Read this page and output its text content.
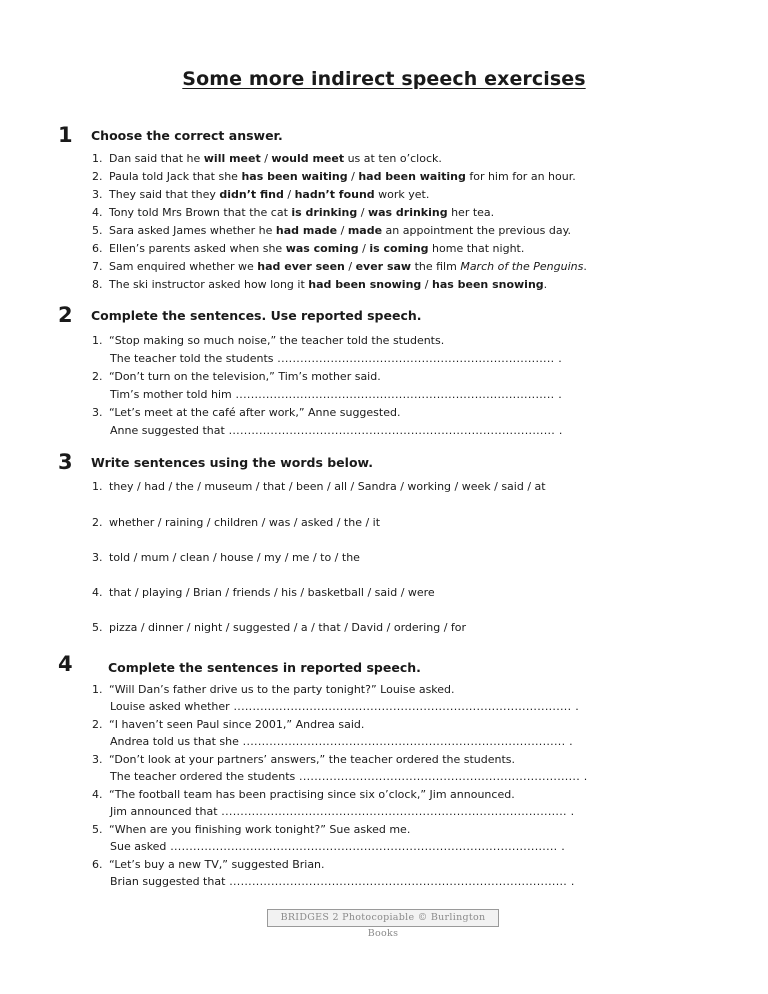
Some more indirect speech exercises
1 Choose the correct answer.
1. Dan said that he will meet / would meet us at ten o’clock.
2. Paula told Jack that she has been waiting / had been waiting for him for an hour.
3. They said that they didn’t find / hadn’t found work yet.
4. Tony told Mrs Brown that the cat is drinking / was drinking her tea.
5. Sara asked James whether he had made / made an appointment the previous day.
6. Ellen’s parents asked when she was coming / is coming home that night.
7. Sam enquired whether we had ever seen / ever saw the film March of the Penguins.
8. The ski instructor asked how long it had been snowing / has been snowing.
2 Complete the sentences. Use reported speech.
1. “Stop making so much noise,” the teacher told the students.
The teacher told the students ......................................................................... .
2. “Don’t turn on the television,” Tim’s mother said.
Tim’s mother told him .................................................................................... .
3. “Let’s meet at the café after work,” Anne suggested.
Anne suggested that ...................................................................................... .
3 Write sentences using the words below.
1. they / had / the / museum / that / been / all / Sandra / working / week / said / at
2. whether / raining / children / was / asked / the / it
3. told / mum / clean / house / my / me / to / the
4. that / playing / Brian / friends / his / basketball / said / were
5. pizza / dinner / night / suggested / a / that / David / ordering / for
4	Complete the sentences in reported speech.
1. “Will Dan’s father drive us to the party tonight?” Louise asked.
Louise asked whether ......................................................................................... .
2. “I haven’t seen Paul since 2001,” Andrea said.
Andrea told us that she ..................................................................................... .
3. “Don’t look at your partners’ answers,” the teacher ordered the students.
The teacher ordered the students .......................................................................... .
4. “The football team has been practising since six o’clock,” Jim announced.
Jim announced that ........................................................................................... .
5. “When are you finishing work tonight?” Sue asked me.
Sue asked ...................................................................................................... .
6. “Let’s buy a new TV,” suggested Brian.
Brian suggested that ......................................................................................... .
BRIDGES 2 Photocopiable © Burlington Books
